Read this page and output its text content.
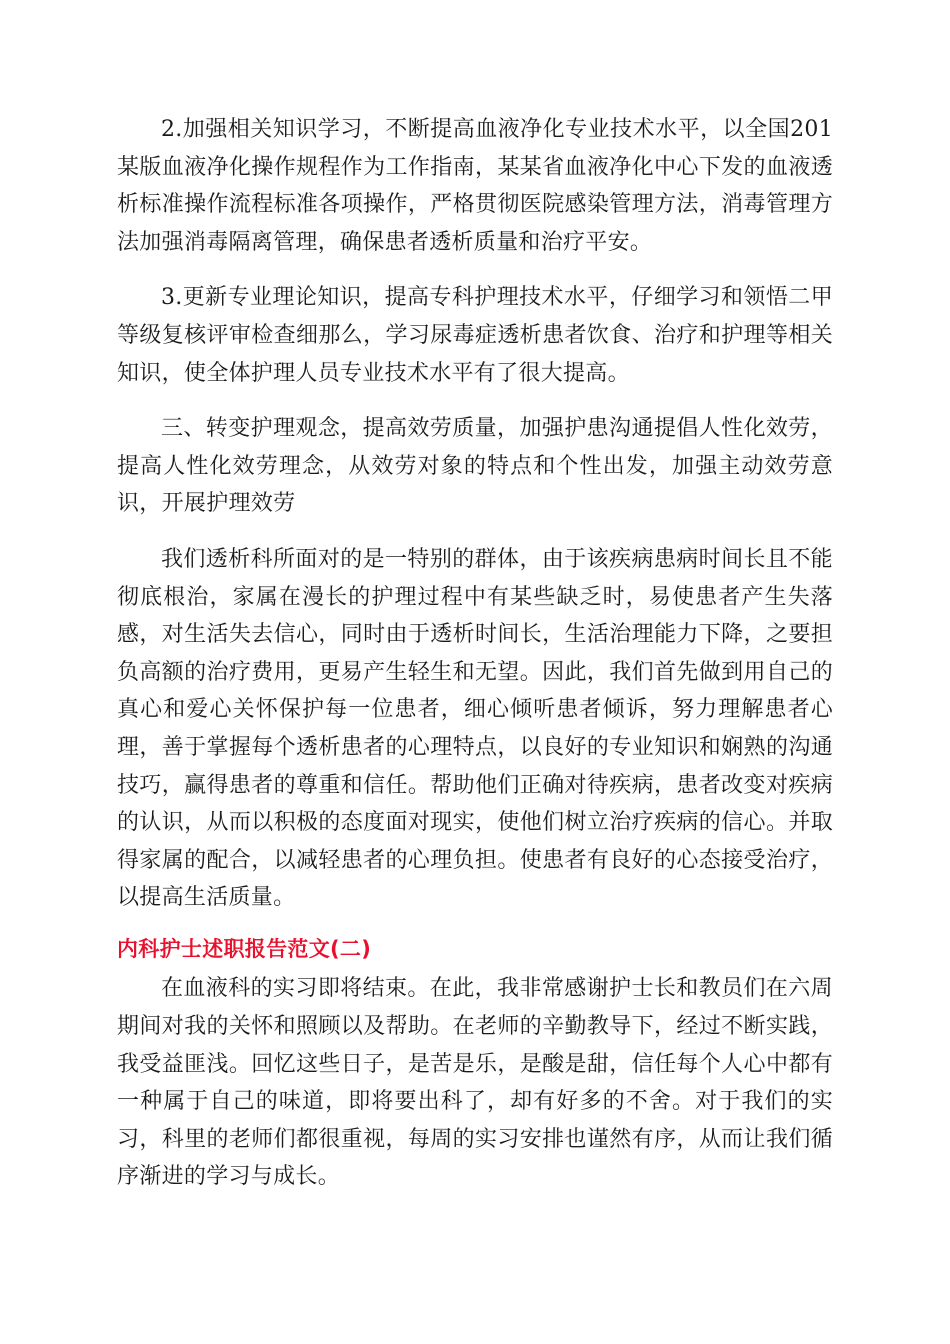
2.加强相关知识学习，不断提高血液净化专业技术水平，以全国201某版血液净化操作规程作为工作指南，某某省血液净化中心下发的血液透析标准操作流程标准各项操作，严格贯彻医院感染管理方法，消毒管理方法加强消毒隔离管理，确保患者透析质量和治疗平安。

3.更新专业理论知识，提高专科护理技术水平，仔细学习和领悟二甲等级复核评审检查细那么，学习尿毒症透析患者饮食、治疗和护理等相关知识，使全体护理人员专业技术水平有了很大提高。

三、转变护理观念，提高效劳质量，加强护患沟通提倡人性化效劳，提高人性化效劳理念，从效劳对象的特点和个性出发，加强主动效劳意识，开展护理效劳

我们透析科所面对的是一特别的群体，由于该疾病患病时间长且不能彻底根治，家属在漫长的护理过程中有某些缺乏时，易使患者产生失落感，对生活失去信心，同时由于透析时间长，生活治理能力下降，之要担负高额的治疗费用，更易产生轻生和无望。因此，我们首先做到用自己的真心和爱心关怀保护每一位患者，细心倾听患者倾诉，努力理解患者心理，善于掌握每个透析患者的心理特点，以良好的专业知识和娴熟的沟通技巧，赢得患者的尊重和信任。帮助他们正确对待疾病，患者改变对疾病的认识，从而以积极的态度面对现实，使他们树立治疗疾病的信心。并取得家属的配合，以减轻患者的心理负担。使患者有良好的心态接受治疗，以提高生活质量。

内科护士述职报告范文(二)

在血液科的实习即将结束。在此，我非常感谢护士长和教员们在六周期间对我的关怀和照顾以及帮助。在老师的辛勤教导下，经过不断实践，我受益匪浅。回忆这些日子，是苦是乐，是酸是甜，信任每个人心中都有一种属于自己的味道，即将要出科了，却有好多的不舍。对于我们的实习，科里的老师们都很重视，每周的实习安排也谨然有序，从而让我们循序渐进的学习与成长。
